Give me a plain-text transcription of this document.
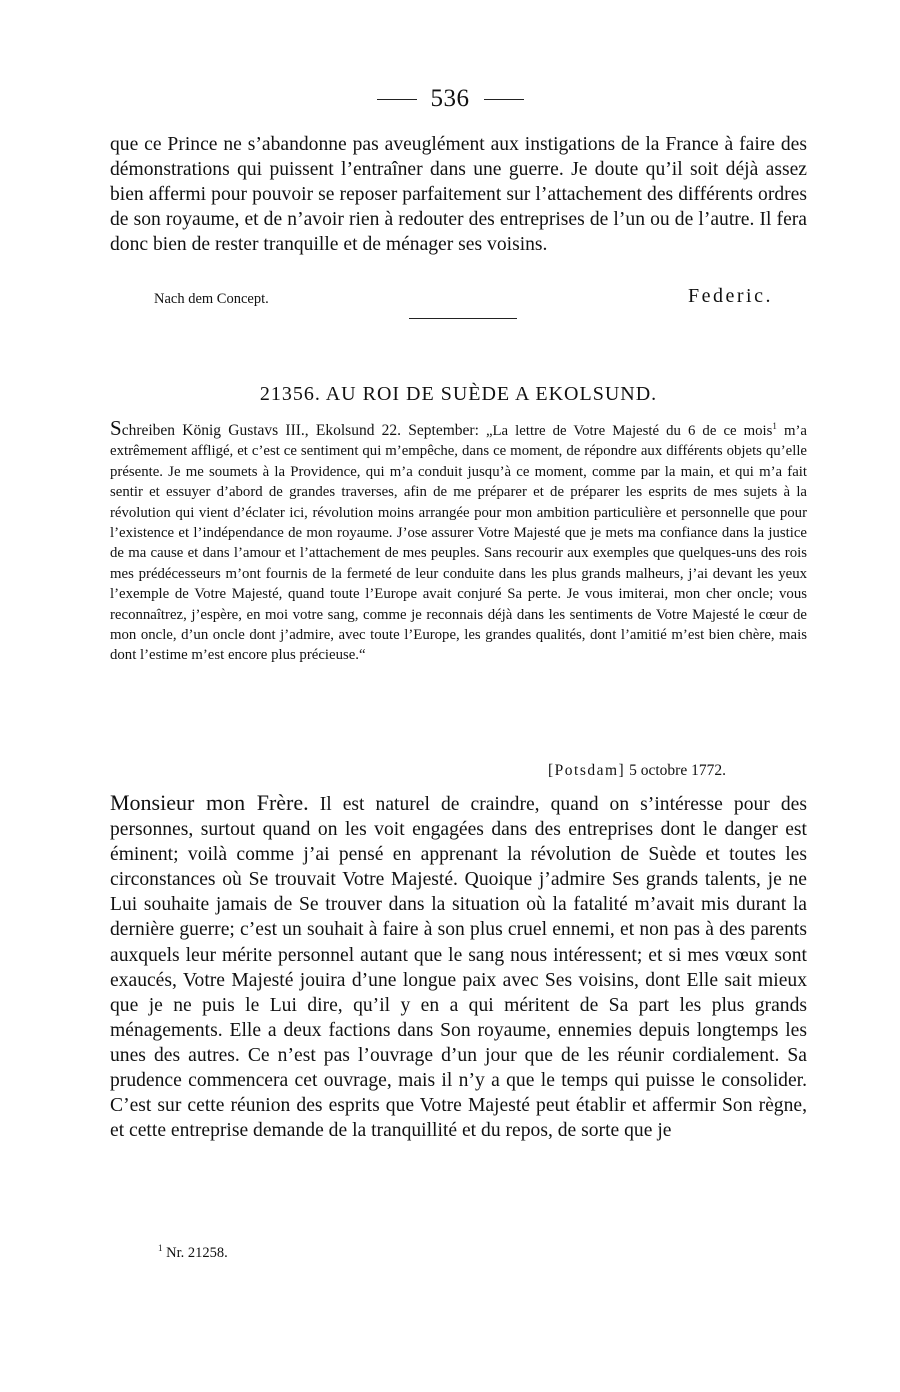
536
que ce Prince ne s’abandonne pas aveuglément aux instigations de la France à faire des démonstrations qui puissent l’entraîner dans une guerre. Je doute qu’il soit déjà assez bien affermi pour pouvoir se reposer parfaitement sur l’attachement des différents ordres de son royaume, et de n’avoir rien à redouter des entreprises de l’un ou de l’autre. Il fera donc bien de rester tranquille et de ménager ses voisins.
Nach dem Concept.	Federic.
21356. AU ROI DE SUÈDE A EKOLSUND.
Schreiben König Gustavs III., Ekolsund 22. September: „La lettre de Votre Majesté du 6 de ce mois$^1$ m’a extrêmement affligé, et c’est ce sentiment qui m’empêche, dans ce moment, de répondre aux différents objets qu’elle présente. Je me soumets à la Providence, qui m’a conduit jusqu’à ce moment, comme par la main, et qui m’a fait sentir et essuyer d’abord de grandes traverses, afin de me préparer et de préparer les esprits de mes sujets à la révolution qui vient d’éclater ici, révolution moins arrangée pour mon ambition particulière et personnelle que pour l’existence et l’indépendance de mon royaume. J’ose assurer Votre Majesté que je mets ma confiance dans la justice de ma cause et dans l’amour et l’attachement de mes peuples. Sans recourir aux exemples que quelques-uns des rois mes prédécesseurs m’ont fournis de la fermeté de leur conduite dans les plus grands malheurs, j’ai devant les yeux l’exemple de Votre Majesté, quand toute l’Europe avait conjuré Sa perte. Je vous imiterai, mon cher oncle; vous reconnaîtrez, j’espère, en moi votre sang, comme je reconnais déjà dans les sentiments de Votre Majesté le cœur de mon oncle, d’un oncle dont j’admire, avec toute l’Europe, les grandes qualités, dont l’amitié m’est bien chère, mais dont l’estime m’est encore plus précieuse.“
[Potsdam] 5 octobre 1772.
Monsieur mon Frère. Il est naturel de craindre, quand on s’intéresse pour des personnes, surtout quand on les voit engagées dans des entreprises dont le danger est éminent; voilà comme j’ai pensé en apprenant la révolution de Suède et toutes les circonstances où Se trouvait Votre Majesté. Quoique j’admire Ses grands talents, je ne Lui souhaite jamais de Se trouver dans la situation où la fatalité m’avait mis durant la dernière guerre; c’est un souhait à faire à son plus cruel ennemi, et non pas à des parents auxquels leur mérite personnel autant que le sang nous intéressent; et si mes vœux sont exaucés, Votre Majesté jouira d’une longue paix avec Ses voisins, dont Elle sait mieux que je ne puis le Lui dire, qu’il y en a qui méritent de Sa part les plus grands ménagements. Elle a deux factions dans Son royaume, ennemies depuis longtemps les unes des autres. Ce n’est pas l’ouvrage d’un jour que de les réunir cordialement. Sa prudence commencera cet ouvrage, mais il n’y a que le temps qui puisse le consolider. C’est sur cette réunion des esprits que Votre Majesté peut établir et affermir Son règne, et cette entreprise demande de la tranquillité et du repos, de sorte que je
$^1$ Nr. 21258.
